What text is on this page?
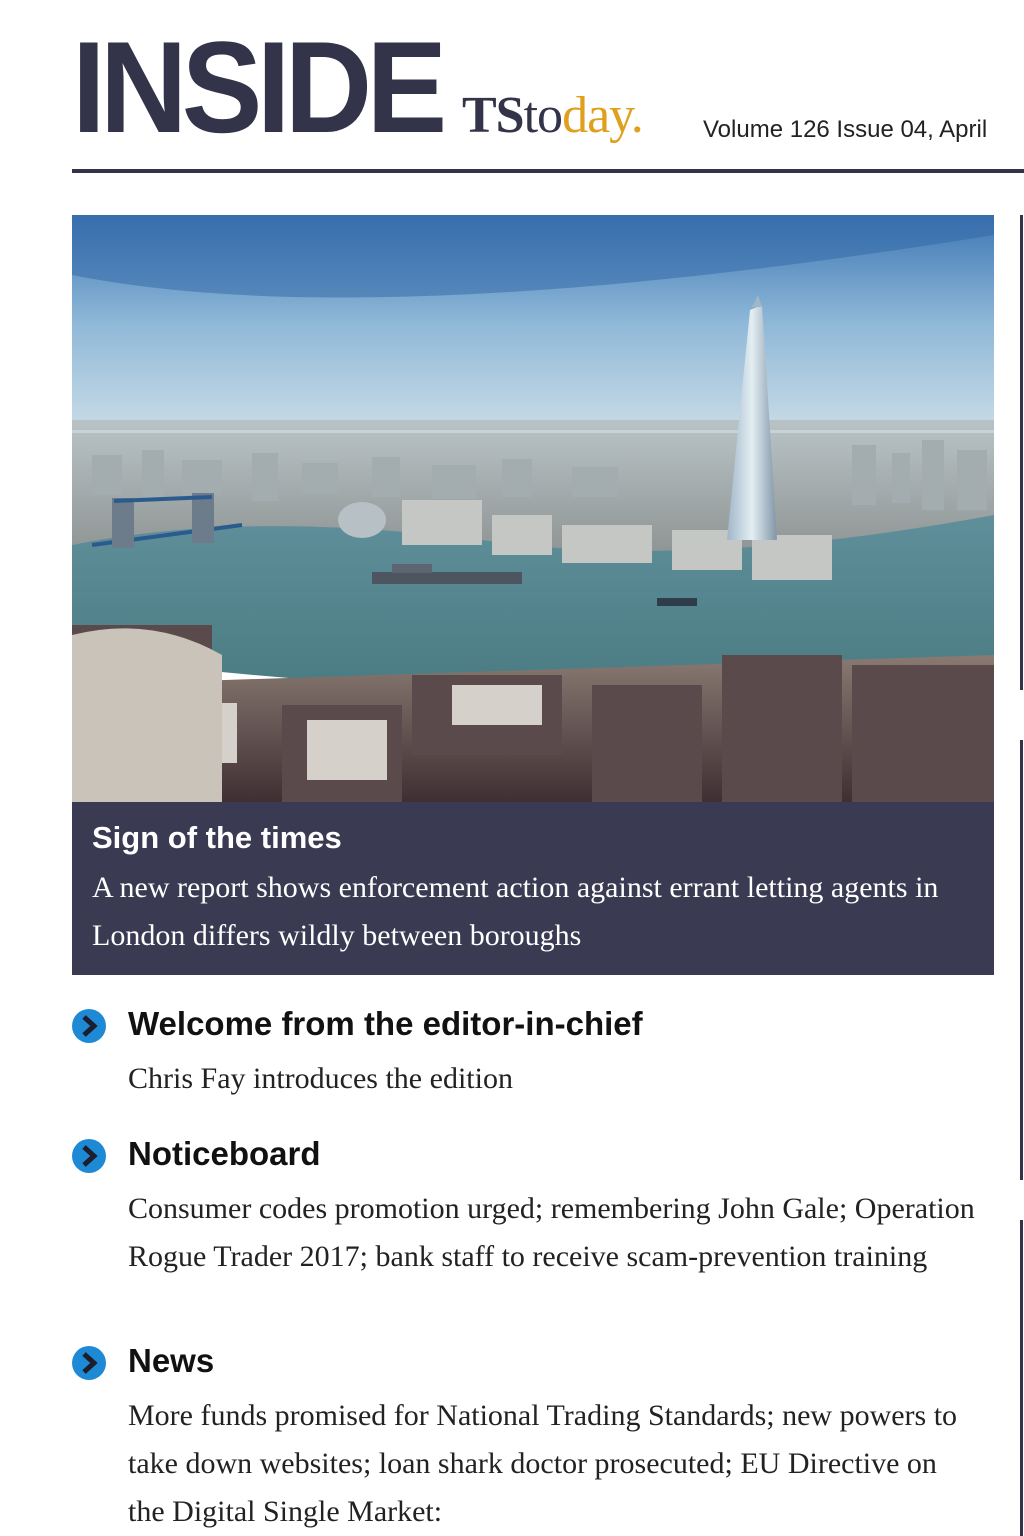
INSIDE TStoday.	Volume 126 Issue 04, April
Sign of the times
A new report shows enforcement action against errant letting agents in London differs wildly between boroughs
Welcome from the editor-in-chief
Chris Fay introduces the edition
Noticeboard
Consumer codes promotion urged; remembering John Gale; Operation Rogue Trader 2017; bank staff to receive scam-prevention training
News
More funds promised for National Trading Standards; new powers to take down websites; loan shark doctor prosecuted; EU Directive on the Digital Single Market:
